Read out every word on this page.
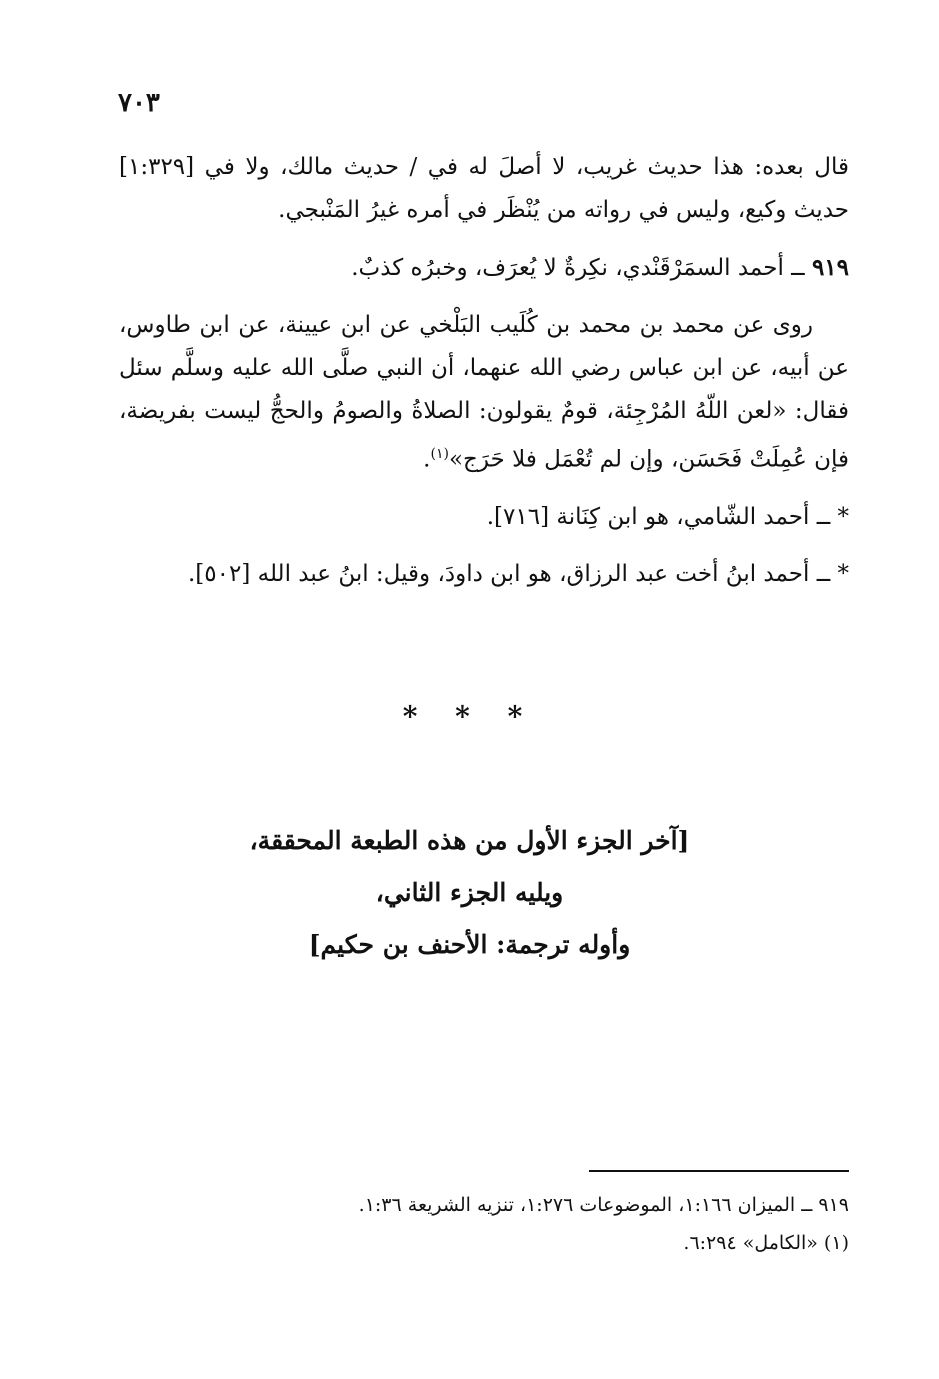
٧٠٣

قال بعده: هذا حديث غريب، لا أصلَ له في / حديث مالك، ولا في [١:٣٢٩] حديث وكيع، وليس في رواته من يُنْظَر في أمره غيرُ المَنْبجي.

٩١٩ ــ أحمد السمَرْقَنْدي، نكِرةٌ لا يُعرَف، وخبرُه كذبٌ.

روى عن محمد بن محمد بن كُلَيب البَلْخي عن ابن عيينة، عن ابن طاوس، عن أبيه، عن ابن عباس رضي الله عنهما، أن النبي صلَّى الله عليه وسلَّم سئل فقال: «لعن اللّهُ المُرْجِئة، قومٌ يقولون: الصلاةُ والصومُ والحجُّ ليست بفريضة، فإن عُمِلَتْ فَحَسَن، وإن لم تُعْمَل فلا حَرَج»$^{(١)}$.

* ــ أحمد الشّامي، هو ابن كِنَانة [٧١٦].

* ــ أحمد ابنُ أخت عبد الرزاق، هو ابن داودَ، وقيل: ابنُ عبد الله [٥٠٢].

* * *
[آخر الجزء الأول من هذه الطبعة المحققة،
ويليه الجزء الثاني،
وأوله ترجمة: الأحنف بن حكيم]
٩١٩ ــ الميزان ١:١٦٦، الموضوعات ١:٢٧٦، تنزيه الشريعة ١:٣٦.
(١) «الكامل» ٦:٢٩٤.
